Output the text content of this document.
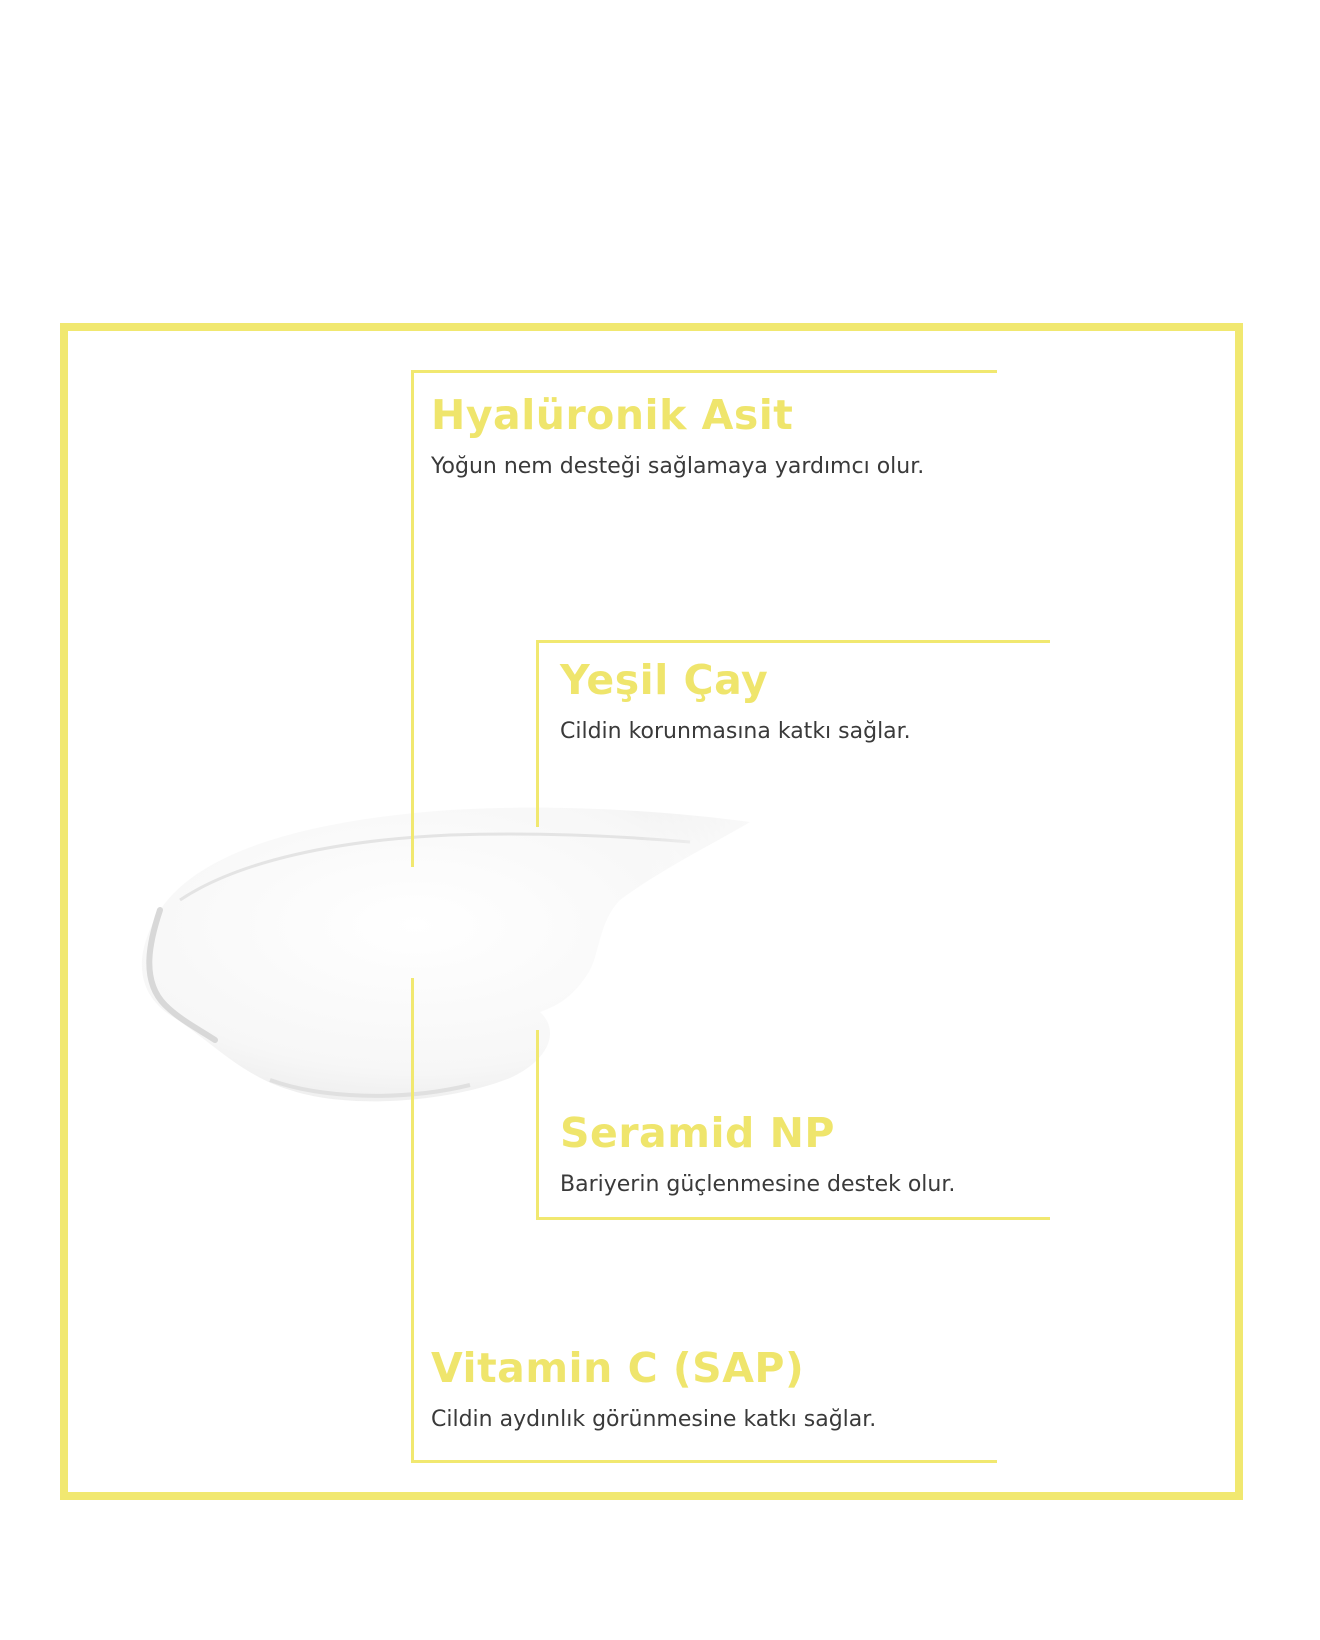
Hyalüronik Asit
Yoğun nem desteği sağlamaya yardımcı olur.
Yeşil Çay
Cildin korunmasına katkı sağlar.
Seramid NP
Bariyerin güçlenmesine destek olur.
Vitamin C (SAP)
Cildin aydınlık görünmesine katkı sağlar.
